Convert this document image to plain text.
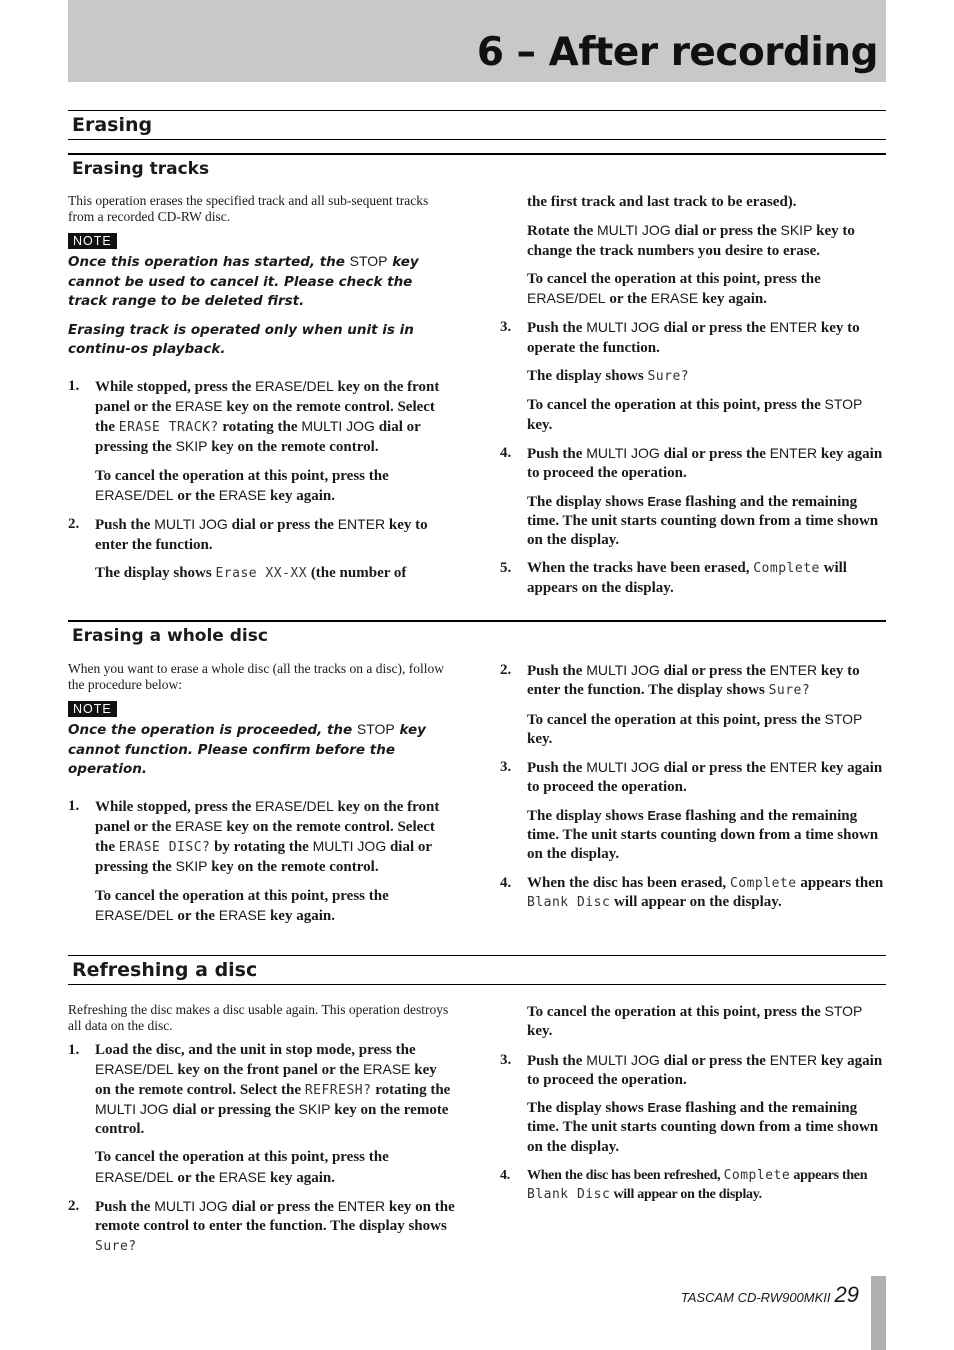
6 – After recording
Erasing
Erasing tracks

This operation erases the specified track and all sub-sequent tracks from a recorded CD-RW disc.

NOTE
Once this operation has started, the STOP key cannot be used to cancel it. Please check the track range to be deleted first.
Erasing track is operated only when unit is in continu-os playback.
1.	While stopped, press the ERASE/DEL key on the front panel or the ERASE key on the remote control. Select the ERASE TRACK? rotating the MULTI JOG dial or pressing the SKIP key on the remote control.

To cancel the operation at this point, press the ERASE/DEL or the ERASE key again.

2.	Push the MULTI JOG dial or press the ENTER key to enter the function.

The display shows Erase XX-XX (the number of

the first track and last track to be erased).

Rotate the MULTI JOG dial or press the SKIP key to change the track numbers you desire to erase.

To cancel the operation at this point, press the ERASE/DEL or the ERASE key again.

3.	Push the MULTI JOG dial or press the ENTER key to operate the function.

The display shows Sure?

To cancel the operation at this point, press the STOP key.

4.	Push the MULTI JOG dial or press the ENTER key again to proceed the operation.

The display shows Erase flashing and the remaining time. The unit starts counting down from a time shown on the display.

5.	When the tracks have been erased, Complete will appears on the display.
Erasing a whole disc

When you want to erase a whole disc (all the tracks on a disc), follow the procedure below:

NOTE
Once the operation is proceeded, the STOP key cannot function. Please confirm before the operation.
1.	While stopped, press the ERASE/DEL key on the front panel or the ERASE key on the remote control. Select the ERASE DISC? by rotating the MULTI JOG dial or pressing the SKIP key on the remote control.

To cancel the operation at this point, press the ERASE/DEL or the ERASE key again.

2.	Push the MULTI JOG dial or press the ENTER key to enter the function. The display shows Sure?

To cancel the operation at this point, press the STOP key.

3.	Push the MULTI JOG dial or press the ENTER key again to proceed the operation.

The display shows Erase flashing and the remaining time. The unit starts counting down from a time shown on the display.

4.	When the disc has been erased, Complete appears then Blank Disc will appear on the display.
Refreshing a disc

Refreshing the disc makes a disc usable again. This operation destroys all data on the disc.

1.	Load the disc, and the unit in stop mode, press the ERASE/DEL key on the front panel or the ERASE key on the remote control. Select the REFRESH? rotating the MULTI JOG dial or pressing the SKIP key on the remote control.

To cancel the operation at this point, press the ERASE/DEL or the ERASE key again.

2.	Push the MULTI JOG dial or press the ENTER key on the remote control to enter the function. The display shows Sure?

To cancel the operation at this point, press the STOP key.

3.	Push the MULTI JOG dial or press the ENTER key again to proceed the operation.

The display shows Erase flashing and the remaining time. The unit starts counting down from a time shown on the display.

4.	When the disc has been refreshed, Complete appears then Blank Disc will appear on the display.
TASCAM CD-RW900MKII 29
